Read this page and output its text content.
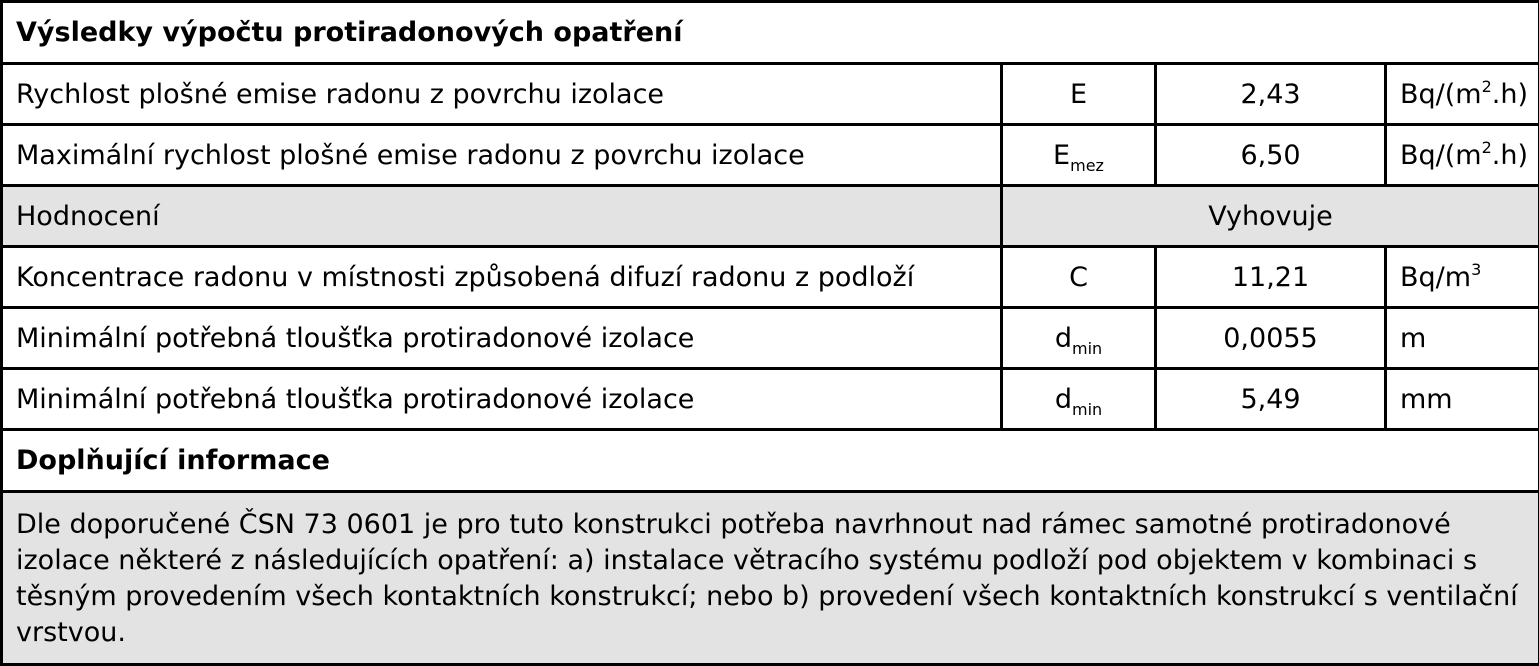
Výsledky výpočtu protiradonových opatření			
Rychlost plošné emise radonu z povrchu izolace	E	2,43	$Bq/(m^2.h)$
Maximální rychlost plošné emise radonu z povrchu izolace	$E_{mez}$	6,50	$Bq/(m^2.h)$
Hodnocení	Vyhovuje		
Koncentrace radonu v místnosti způsobená difuzí radonu z podloží	C	11,21	$Bq/m^3$
Minimální potřebná tloušťka protiradonové izolace	$d_{min}$	0,0055	m
Minimální potřebná tloušťka protiradonové izolace	$d_{min}$	5,49	mm
Doplňující informace			
Dle doporučené ČSN 73 0601 je pro tuto konstrukci potřeba navrhnout nad rámec samotné protiradonové izolace některé z následujících opatření: a) instalace větracího systému podloží pod objektem v kombinaci s těsným provedením všech kontaktních konstrukcí; nebo b) provedení všech kontaktních konstrukcí s ventilační vrstvou.			
